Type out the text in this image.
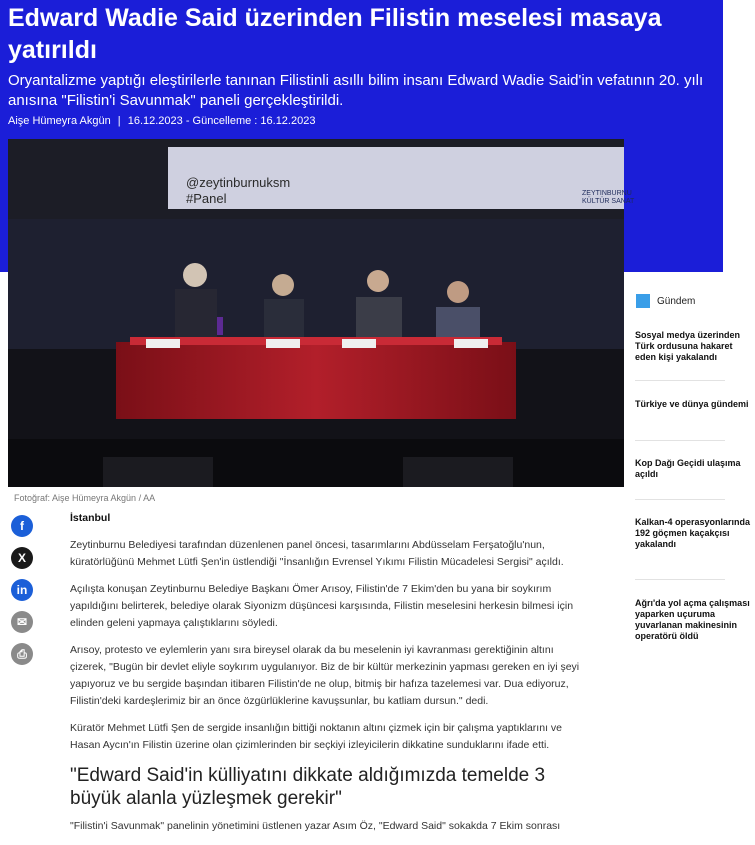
Edward Wadie Said üzerinden Filistin meselesi masaya yatırıldı

Oryantalizme yaptığı eleştirilerle tanınan Filistinli asıllı bilim insanı Edward Wadie Said'in vefatının 20. yılı anısına "Filistin'i Savunmak" paneli gerçekleştirildi.

Aişe Hümeyra Akgün | 16.12.2023 - Güncelleme : 16.12.2023
@zeytinburnuksm
#Panel	ZEYTINBURNU
KÜLTÜR SANAT
Fotoğraf: Aişe Hümeyra Akgün / AA
f
X
in
✉
⎙

İstanbul

Zeytinburnu Belediyesi tarafından düzenlenen panel öncesi, tasarımlarını Abdüsselam Ferşatoğlu'nun, küratörlüğünü Mehmet Lütfi Şen'in üstlendiği "İnsanlığın Evrensel Yıkımı Filistin Mücadelesi Sergisi" açıldı.

Açılışta konuşan Zeytinburnu Belediye Başkanı Ömer Arısoy, Filistin'de 7 Ekim'den bu yana bir soykırım yapıldığını belirterek, belediye olarak Siyonizm düşüncesi karşısında, Filistin meselesini herkesin bilmesi için elinden geleni yapmaya çalıştıklarını söyledi.

Arısoy, protesto ve eylemlerin yanı sıra bireysel olarak da bu meselenin iyi kavranması gerektiğinin altını çizerek, "Bugün bir devlet eliyle soykırım uygulanıyor. Biz de bir kültür merkezinin yapması gereken en iyi şeyi yapıyoruz ve bu sergide başından itibaren Filistin'de ne olup, bitmiş bir hafıza tazelemesi var. Dua ediyoruz, Filistin'deki kardeşlerimiz bir an önce özgürlüklerine kavuşsunlar, bu katliam dursun." dedi.

Küratör Mehmet Lütfi Şen de sergide insanlığın bittiği noktanın altını çizmek için bir çalışma yaptıklarını ve Hasan Aycın'ın Filistin üzerine olan çizimlerinden bir seçkiyi izleyicilerin dikkatine sunduklarını ifade etti.

"Edward Said'in külliyatını dikkate aldığımızda temelde 3 büyük alanla yüzleşmek gerekir"

"Filistin'i Savunmak" panelinin yönetimini üstlenen yazar Asım Öz, "Edward Said" sokakda 7 Ekim sonrası

Gündem
Sosyal medya üzerinden Türk ordusuna hakaret eden kişi yakalandı
Türkiye ve dünya gündemi
Kop Dağı Geçidi ulaşıma açıldı
Kalkan-4 operasyonlarında 192 göçmen kaçakçısı yakalandı
Ağrı'da yol açma çalışması yaparken uçuruma yuvarlanan makinesinin operatörü öldü
